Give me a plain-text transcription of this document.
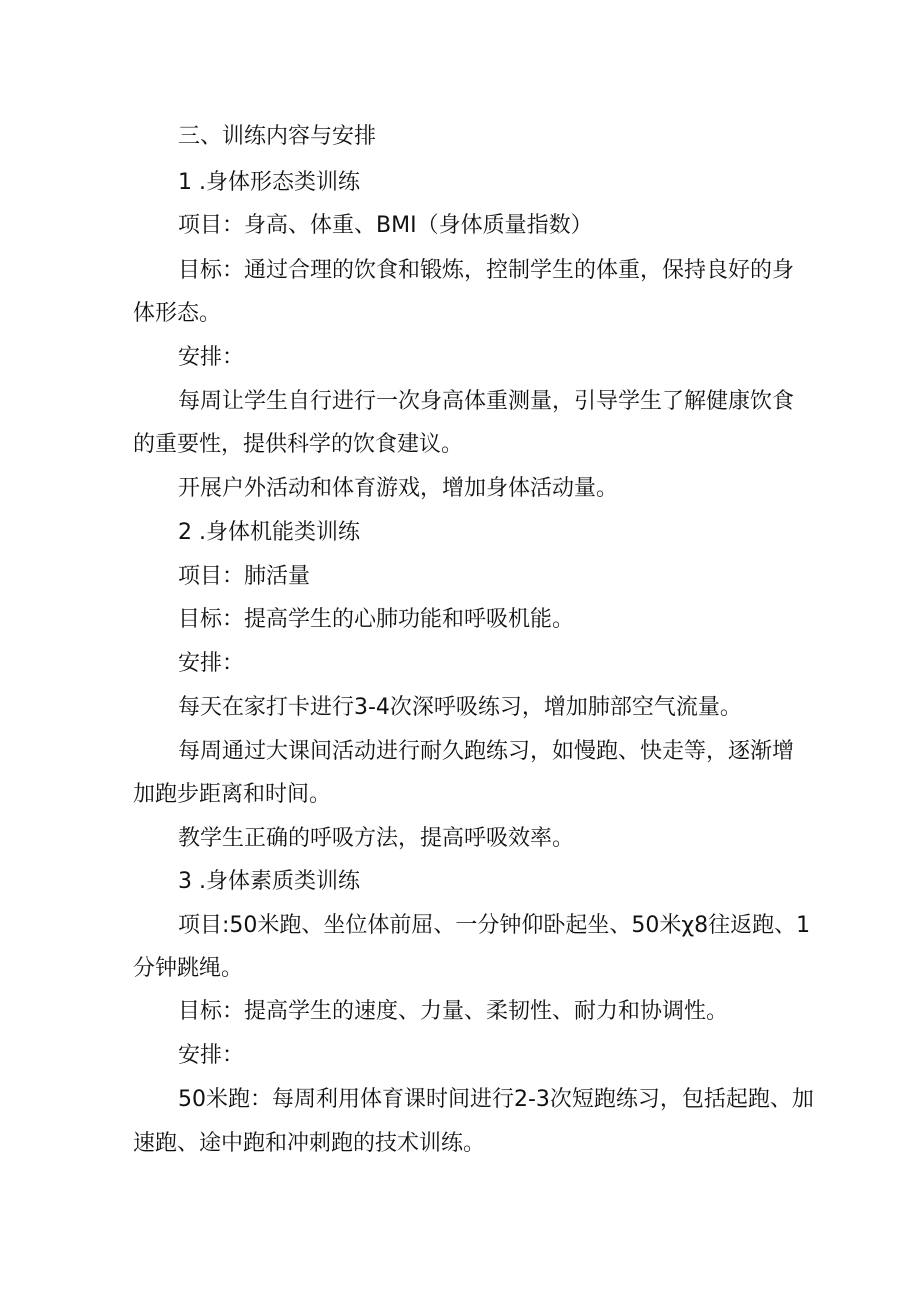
三、训练内容与安排
1 .身体形态类训练
项目：身高、体重、BMI（身体质量指数）
目标：通过合理的饮食和锻炼，控制学生的体重，保持良好的身
体形态。
安排：
每周让学生自行进行一次身高体重测量，引导学生了解健康饮食
的重要性，提供科学的饮食建议。
开展户外活动和体育游戏，增加身体活动量。
2 .身体机能类训练
项目：肺活量
目标：提高学生的心肺功能和呼吸机能。
安排：
每天在家打卡进行3-4次深呼吸练习，增加肺部空气流量。
每周通过大课间活动进行耐久跑练习，如慢跑、快走等，逐渐增
加跑步距离和时间。
教学生正确的呼吸方法，提高呼吸效率。
3 .身体素质类训练
项目:50米跑、坐位体前屈、一分钟仰卧起坐、50米χ8往返跑、1
分钟跳绳。
目标：提高学生的速度、力量、柔韧性、耐力和协调性。
安排：
50米跑：每周利用体育课时间进行2-3次短跑练习，包括起跑、加
速跑、途中跑和冲刺跑的技术训练。
